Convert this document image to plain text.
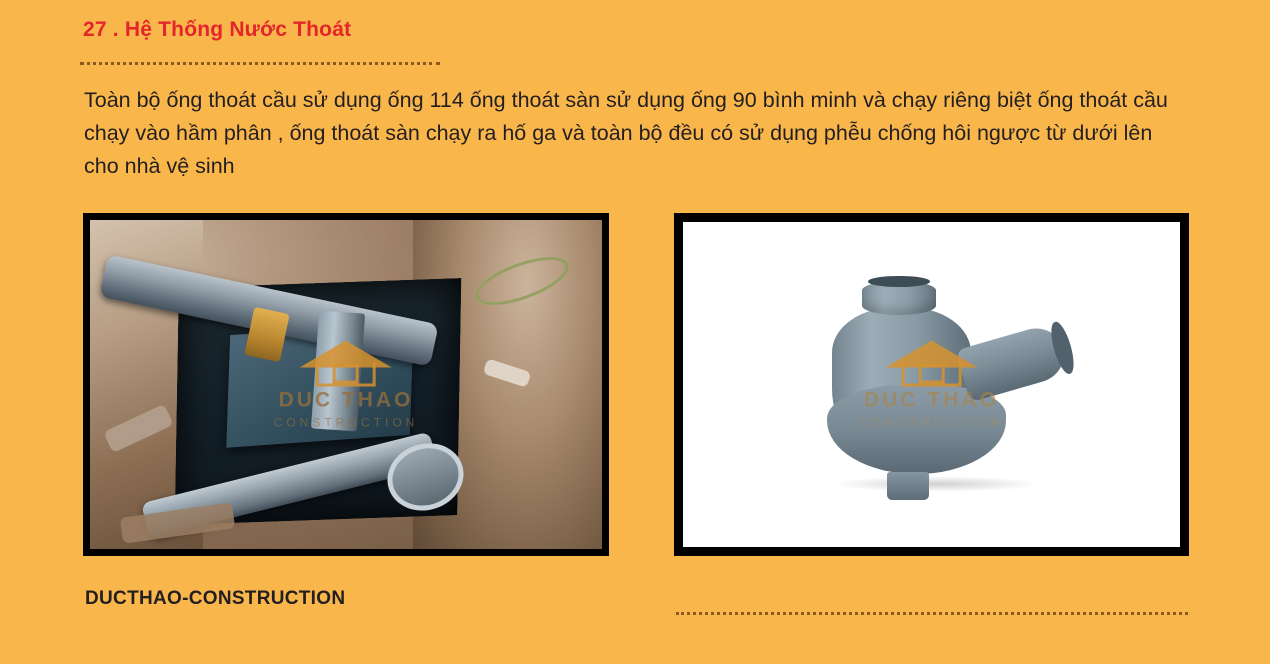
27 . Hệ Thống Nước Thoát
Toàn bộ ống thoát cầu sử dụng ống 114 ống thoát sàn sử dụng ống 90 bình minh và chạy riêng biệt ống thoát cầu chạy vào hầm phân , ống thoát sàn chạy ra hố ga và toàn bộ đều có sử dụng phễu chống hôi ngược từ dưới lên cho nhà vệ sinh
DUC THAO
CONSTRUCTION
DUC THAO
CONSTRUCTION
DUCTHAO-CONSTRUCTION
